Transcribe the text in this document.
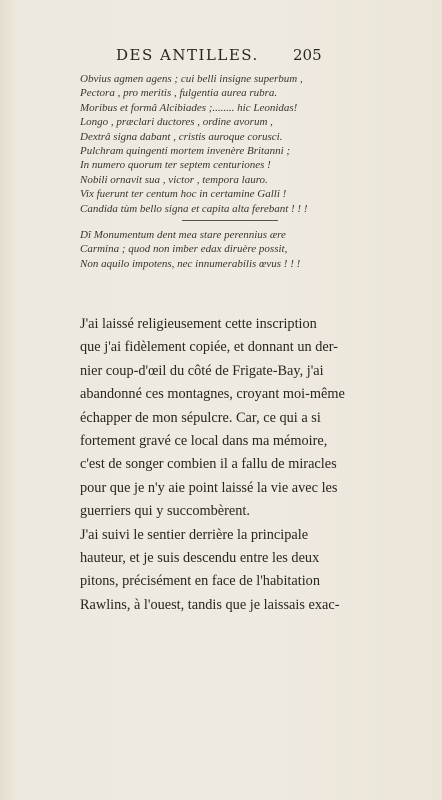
DES ANTILLES. 205
Obvius agmen agens ; cui belli insigne superbum ,
Pectora , pro meritis , fulgentia aurea rubra.
Moribus et formâ Alcibiades ;........ hic Leonidas!
Longo , præclari ductores , ordine avorum ,
Dextrâ signa dabant , cristis auroque corusci.
Pulchram quingenti mortem invenère Britanni ;
In numero quorum ter septem centuriones !
Nobili ornavit sua , victor , tempora lauro.
Vix fuerunt ter centum hoc in certamine Galli !
Candida tùm bello signa et capita alta ferebant ! ! !
Dî Monumentum dent mea stare perennius ære
Carmina ; quod non imber edax diruère possit,
Non aquilo impotens, nec innumerabilis œvus ! ! !
J'ai laissé religieusement cette inscription
que j'ai fidèlement copiée, et donnant un der-
nier coup-d'œil du côté de Frigate-Bay, j'ai
abandonné ces montagnes, croyant moi-même
échapper de mon sépulcre. Car, ce qui a si
fortement gravé ce local dans ma mémoire,
c'est de songer combien il a fallu de miracles
pour que je n'y aie point laissé la vie avec les
guerriers qui y succombèrent.
J'ai suivi le sentier derrière la principale
hauteur, et je suis descendu entre les deux
pitons, précisément en face de l'habitation
Rawlins, à l'ouest, tandis que je laissais exac-
